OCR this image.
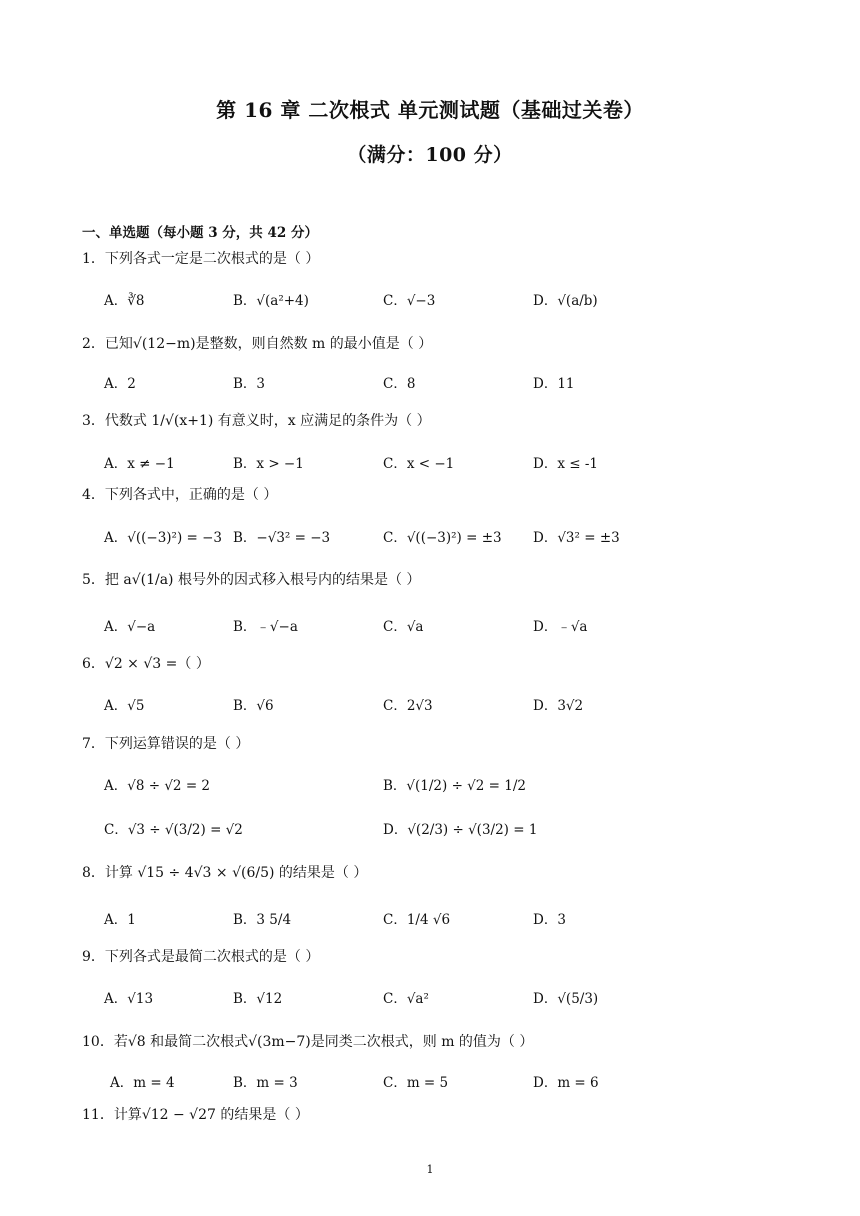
第 16 章 二次根式 单元测试题（基础过关卷）
（满分：100 分）
一、单选题（每小题 3 分，共 42 分）
1．下列各式一定是二次根式的是（ ）
A．∛8	B．√(a²+4)	C．√−3	D．√(a/b)
2．已知√(12−m)是整数，则自然数 m 的最小值是（ ）
A．2	B．3	C．8	D．11
3．代数式 1/√(x+1) 有意义时，x 应满足的条件为（ ）
A．x ≠ −1	B．x > −1	C．x < −1	D．x ≤ -1
4．下列各式中，正确的是（ ）
A．√((−3)²) = −3 B．−√3² = −3	C．√((−3)²) = ±3 D．√3² = ±3
5．把 a√(1/a) 根号外的因式移入根号内的结果是（ ）
A．√−a	B．﹣√−a	C．√a	D．﹣√a
6．√2 × √3 =（ ）
A．√5	B．√6	C．2√3	D．3√2
7．下列运算错误的是（ ）
A．√8 ÷ √2 = 2	B．√(1/2) ÷ √2 = 1/2
C．√3 ÷ √(3/2) = √2	D．√(2/3) ÷ √(3/2) = 1
8．计算 √15 ÷ 4√3 × √(6/5) 的结果是（ ）
A．1	B．3 5/4	C．1/4 √6	D．3
9．下列各式是最简二次根式的是（ ）
A．√13	B．√12	C．√a²	D．√(5/3)
10．若√8 和最简二次根式√(3m−7)是同类二次根式，则 m 的值为（ ）
A．m = 4	B．m = 3	C．m = 5	D．m = 6
11．计算√12 − √27 的结果是（ ）
1
